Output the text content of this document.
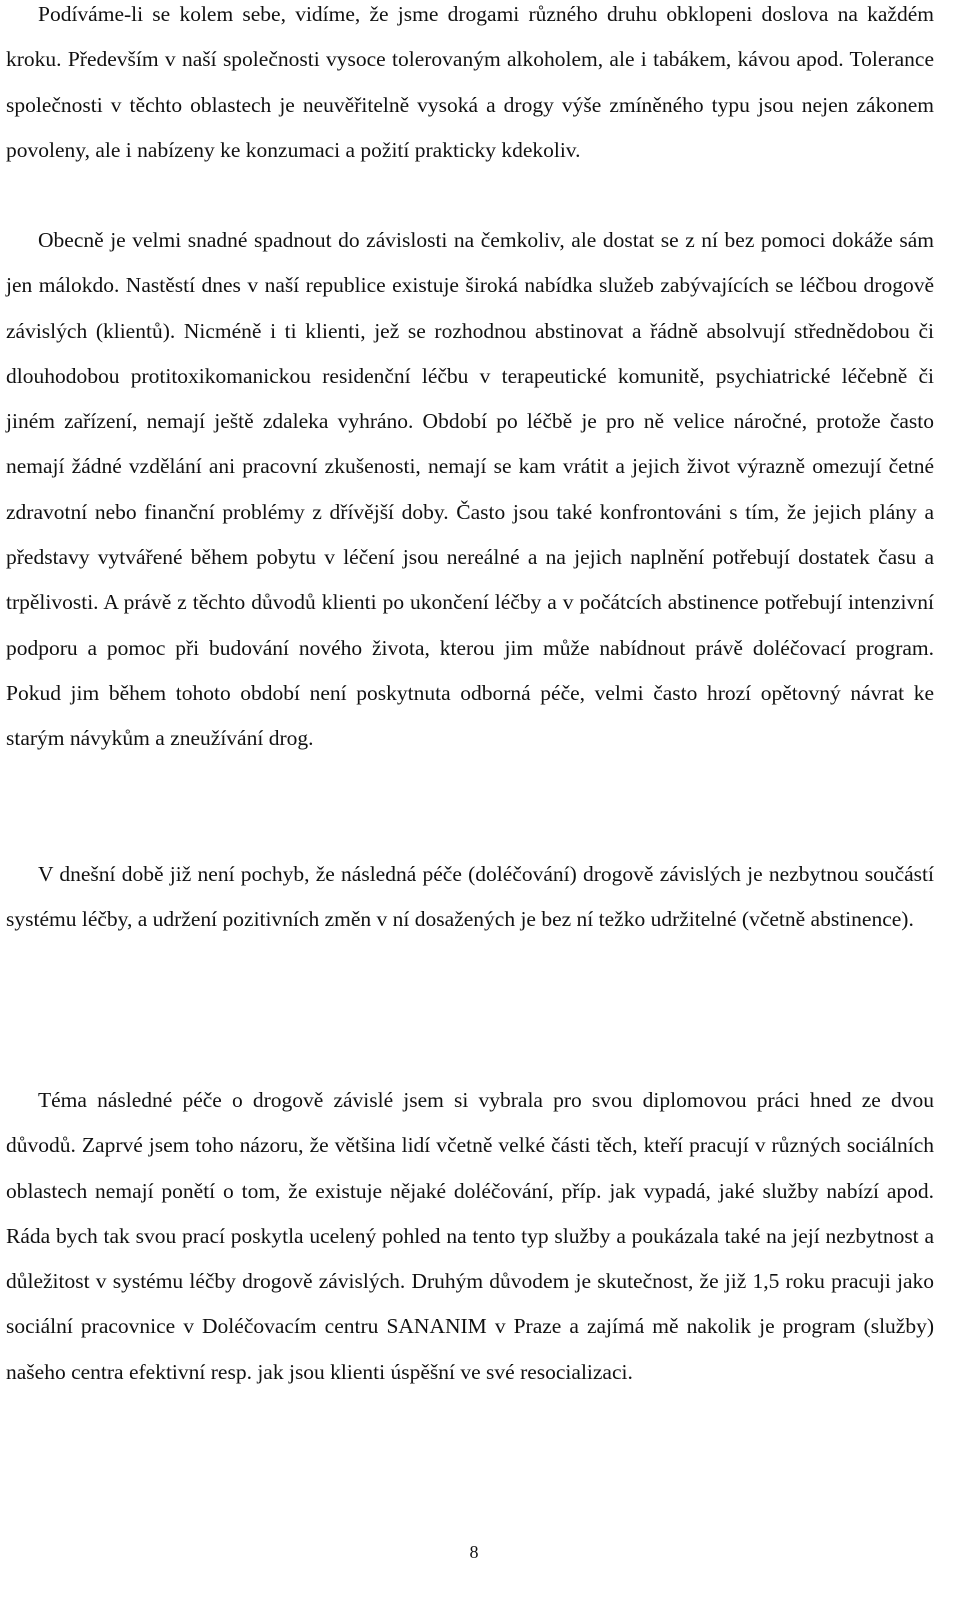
Podíváme-li se kolem sebe, vidíme, že jsme drogami různého druhu obklopeni doslova na každém kroku. Především v naší společnosti vysoce tolerovaným alkoholem, ale i tabákem, kávou apod. Tolerance společnosti v těchto oblastech je neuvěřitelně vysoká a drogy výše zmíněného typu jsou nejen zákonem povoleny, ale i nabízeny ke konzumaci a požití prakticky kdekoliv.

Obecně je velmi snadné spadnout do závislosti na čemkoliv, ale dostat se z ní bez pomoci dokáže sám jen málokdo. Nastěstí dnes v naší republice existuje široká nabídka služeb zabývajících se léčbou drogově závislých (klientů). Nicméně i ti klienti, jež se rozhodnou abstinovat a řádně absolvují střednědobou či dlouhodobou protitoxikomanickou residenční léčbu v terapeutické komunitě, psychiatrické léčebně či jiném zařízení, nemají ještě zdaleka vyhráno. Období po léčbě je pro ně velice náročné, protože často nemají žádné vzdělání ani pracovní zkušenosti, nemají se kam vrátit a jejich život výrazně omezují četné zdravotní nebo finanční problémy z dřívější doby. Často jsou také konfrontováni s tím, že jejich plány a představy vytvářené během pobytu v léčení jsou nereálné a na jejich naplnění potřebují dostatek času a trpělivosti. A právě z těchto důvodů klienti po ukončení léčby a v počátcích abstinence potřebují intenzivní podporu a pomoc při budování nového života, kterou jim může nabídnout právě doléčovací program. Pokud jim během tohoto období není poskytnuta odborná péče, velmi často hrozí opětovný návrat ke starým návykům a zneužívání drog.

V dnešní době již není pochyb, že následná péče (doléčování) drogově závislých je nezbytnou součástí systému léčby, a udržení pozitivních změn v ní dosažených je bez ní težko udržitelné (včetně abstinence).

Téma následné péče o drogově závislé jsem si vybrala pro svou diplomovou práci hned ze dvou důvodů. Zaprvé jsem toho názoru, že většina lidí včetně velké části těch, kteří pracují v různých sociálních oblastech nemají ponětí o tom, že existuje nějaké doléčování, příp. jak vypadá, jaké služby nabízí apod. Ráda bych tak svou prací poskytla ucelený pohled na tento typ služby a poukázala také na její nezbytnost a důležitost v systému léčby drogově závislých. Druhým důvodem je skutečnost, že již 1,5 roku pracuji jako sociální pracovnice v Doléčovacím centru SANANIM v Praze a zajímá mě nakolik je program (služby) našeho centra efektivní resp. jak jsou klienti úspěšní ve své resocializaci.

8
